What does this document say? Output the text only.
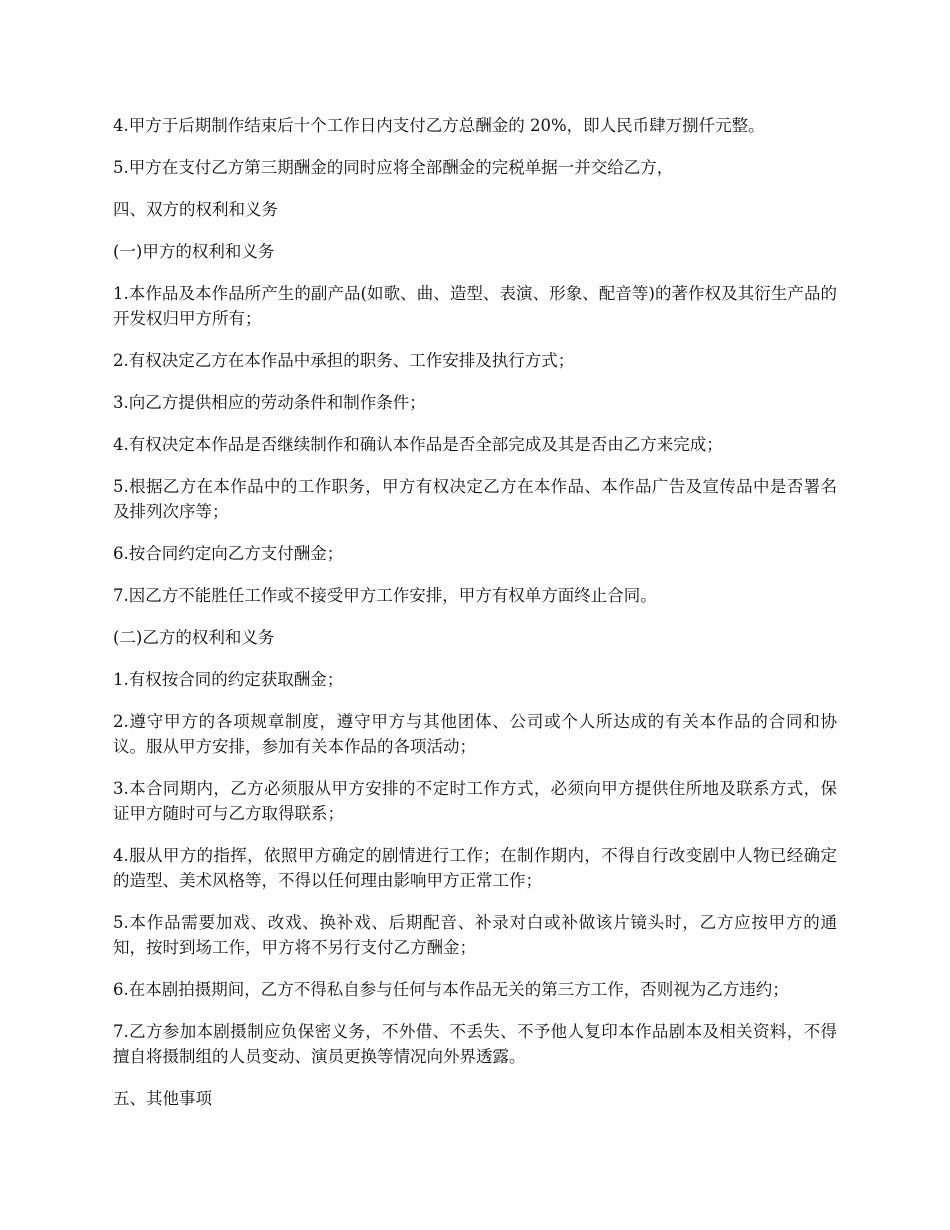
4.甲方于后期制作结束后十个工作日内支付乙方总酬金的 20%，即人民币肆万捌仟元整。

5.甲方在支付乙方第三期酬金的同时应将全部酬金的完税单据一并交给乙方，

四、双方的权利和义务

(一)甲方的权利和义务

1.本作品及本作品所产生的副产品(如歌、曲、造型、表演、形象、配音等)的著作权及其衍生产品的开发权归甲方所有；

2.有权决定乙方在本作品中承担的职务、工作安排及执行方式；

3.向乙方提供相应的劳动条件和制作条件；

4.有权决定本作品是否继续制作和确认本作品是否全部完成及其是否由乙方来完成；

5.根据乙方在本作品中的工作职务，甲方有权决定乙方在本作品、本作品广告及宣传品中是否署名及排列次序等；

6.按合同约定向乙方支付酬金；

7.因乙方不能胜任工作或不接受甲方工作安排，甲方有权单方面终止合同。

(二)乙方的权利和义务

1.有权按合同的约定获取酬金；

2.遵守甲方的各项规章制度，遵守甲方与其他团体、公司或个人所达成的有关本作品的合同和协议。服从甲方安排，参加有关本作品的各项活动；

3.本合同期内，乙方必须服从甲方安排的不定时工作方式，必须向甲方提供住所地及联系方式，保证甲方随时可与乙方取得联系；

4.服从甲方的指挥，依照甲方确定的剧情进行工作；在制作期内，不得自行改变剧中人物已经确定的造型、美术风格等，不得以任何理由影响甲方正常工作；

5.本作品需要加戏、改戏、换补戏、后期配音、补录对白或补做该片镜头时，乙方应按甲方的通知，按时到场工作，甲方将不另行支付乙方酬金；

6.在本剧拍摄期间，乙方不得私自参与任何与本作品无关的第三方工作，否则视为乙方违约；

7.乙方参加本剧摄制应负保密义务，不外借、不丢失、不予他人复印本作品剧本及相关资料，不得擅自将摄制组的人员变动、演员更换等情况向外界透露。

五、其他事项
